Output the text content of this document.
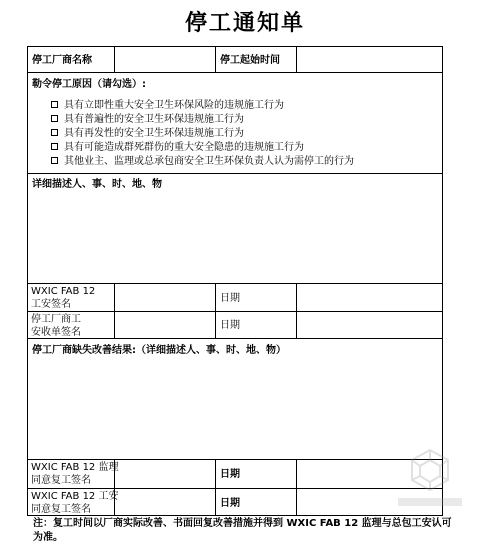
停工通知单
停工厂商名称	停工起始时间
勒令停工原因（请勾选）:
具有立即性重大安全卫生环保风险的违规施工行为
具有普遍性的安全卫生环保违规施工行为
具有再发性的安全卫生环保违规施工行为
具有可能造成群死群伤的重大安全隐患的违规施工行为
其他业主、监理或总承包商安全卫生环保负责人认为需停工的行为
详细描述人、事、时、地、物
WXIC FAB 12
工安签名
日期
停工厂商工
安收单签名
日期
停工厂商缺失改善结果:（详细描述人、事、时、地、物）
WXIC FAB 12 监理
同意复工签名
日期
WXIC FAB 12 工安
同意复工签名
日期
注：复工时间以厂商实际改善、书面回复改善措施并得到 WXIC FAB 12 监理与总包工安认可为准。
